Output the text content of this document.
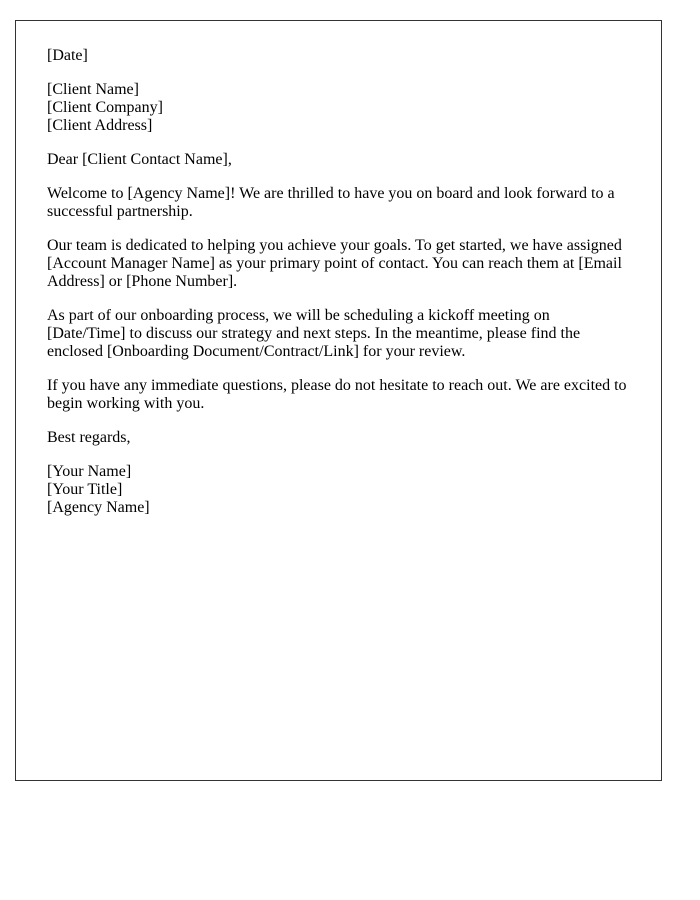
[Date]

[Client Name]
[Client Company]
[Client Address]

Dear [Client Contact Name],

Welcome to [Agency Name]! We are thrilled to have you on board and look forward to a successful partnership.

Our team is dedicated to helping you achieve your goals. To get started, we have assigned [Account Manager Name] as your primary point of contact. You can reach them at [Email Address] or [Phone Number].

As part of our onboarding process, we will be scheduling a kickoff meeting on [Date/Time] to discuss our strategy and next steps. In the meantime, please find the enclosed [Onboarding Document/Contract/Link] for your review.

If you have any immediate questions, please do not hesitate to reach out. We are excited to begin working with you.

Best regards,

[Your Name]
[Your Title]
[Agency Name]
